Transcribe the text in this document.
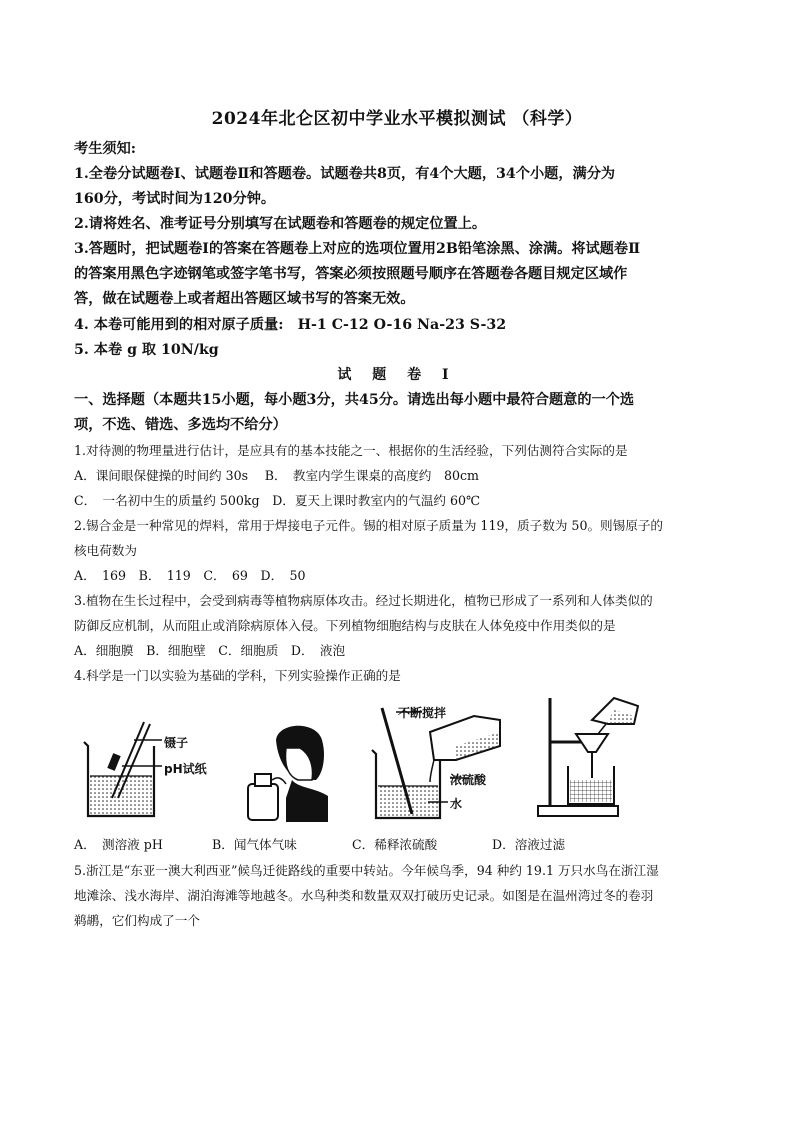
2024年北仑区初中学业水平模拟测试 （科学）
考生须知:
1.全卷分试题卷Ⅰ、试题卷Ⅱ和答题卷。试题卷共8页，有4个大题，34个小题，满分为
160分，考试时间为120分钟。
2.请将姓名、准考证号分别填写在试题卷和答题卷的规定位置上。
3.答题时，把试题卷Ⅰ的答案在答题卷上对应的选项位置用2B铅笔涂黑、涂满。将试题卷Ⅱ
的答案用黑色字迹钢笔或签字笔书写，答案必须按照题号顺序在答题卷各题目规定区域作
答，做在试题卷上或者超出答题区域书写的答案无效。
4. 本卷可能用到的相对原子质量:　H-1 C-12 O-16 Na-23 S-32
5. 本卷 g 取 10N/kg
试 题 卷 Ⅰ
一、选择题（本题共15小题，每小题3分，共45分。请选出每小题中最符合题意的一个选
项，不选、错选、多选均不给分）
1.对待测的物理量进行估计，是应具有的基本技能之一、根据你的生活经验，下列估测符合实际的是
A．课间眼保健操的时间约 30s　 B．　教室内学生课桌的高度约　80cm
C．　一名初中生的质量约 500kg　D．夏天上课时教室内的气温约 60℃
2.锡合金是一种常见的焊料，常用于焊接电子元件。锡的相对原子质量为 119，质子数为 50。则锡原子的
核电荷数为
A．　169　B．　119　C．　69　D．　50
3.植物在生长过程中，会受到病毒等植物病原体攻击。经过长期进化，植物已形成了一系列和人体类似的
防御反应机制，从而阻止或消除病原体入侵。下列植物细胞结构与皮肤在人体免疫中作用类似的是
A．细胞膜　B．细胞壁　C．细胞质　D．　液泡
4.科学是一门以实验为基础的学科，下列实验操作正确的是
镊子
pH试纸
不断搅拌
浓硫酸
水
A．　测溶液 pH	B．闻气体气味	C．稀释浓硫酸	D．溶液过滤
5.浙江是“东亚一澳大利西亚”候鸟迁徙路线的重要中转站。今年候鸟季，94 种约 19.1 万只水鸟在浙江湿
地滩涂、浅水海岸、湖泊海滩等地越冬。水鸟种类和数量双双打破历史记录。如图是在温州湾过冬的卷羽
鹈鹕，它们构成了一个
